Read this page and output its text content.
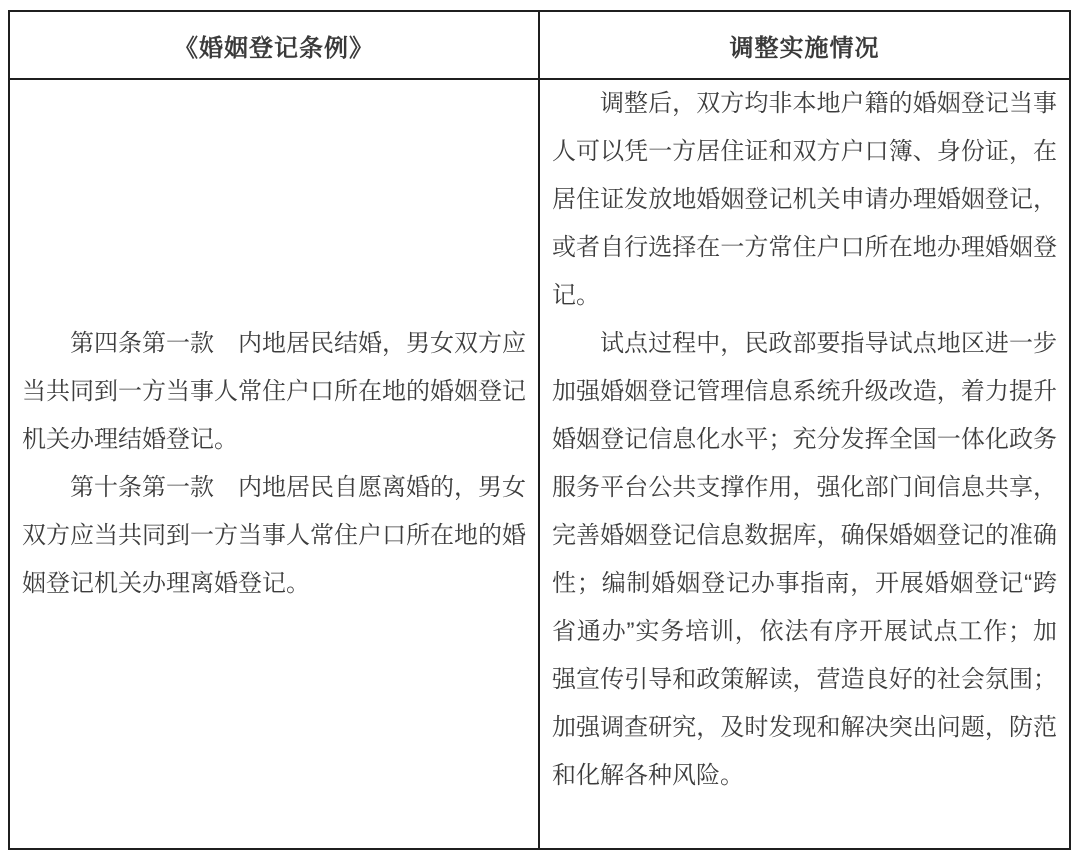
《婚姻登记条例》	调整实施情况

第四条第一款　内地居民结婚，男女双方应当共同到一方当事人常住户口所在地的婚姻登记机关办理结婚登记。

第十条第一款　内地居民自愿离婚的，男女双方应当共同到一方当事人常住户口所在地的婚姻登记机关办理离婚登记。

调整后，双方均非本地户籍的婚姻登记当事人可以凭一方居住证和双方户口簿、身份证，在居住证发放地婚姻登记机关申请办理婚姻登记，或者自行选择在一方常住户口所在地办理婚姻登记。

试点过程中，民政部要指导试点地区进一步加强婚姻登记管理信息系统升级改造，着力提升婚姻登记信息化水平；充分发挥全国一体化政务服务平台公共支撑作用，强化部门间信息共享，完善婚姻登记信息数据库，确保婚姻登记的准确性；编制婚姻登记办事指南，开展婚姻登记“跨省通办”实务培训，依法有序开展试点工作；加强宣传引导和政策解读，营造良好的社会氛围；加强调查研究，及时发现和解决突出问题，防范和化解各种风险。
